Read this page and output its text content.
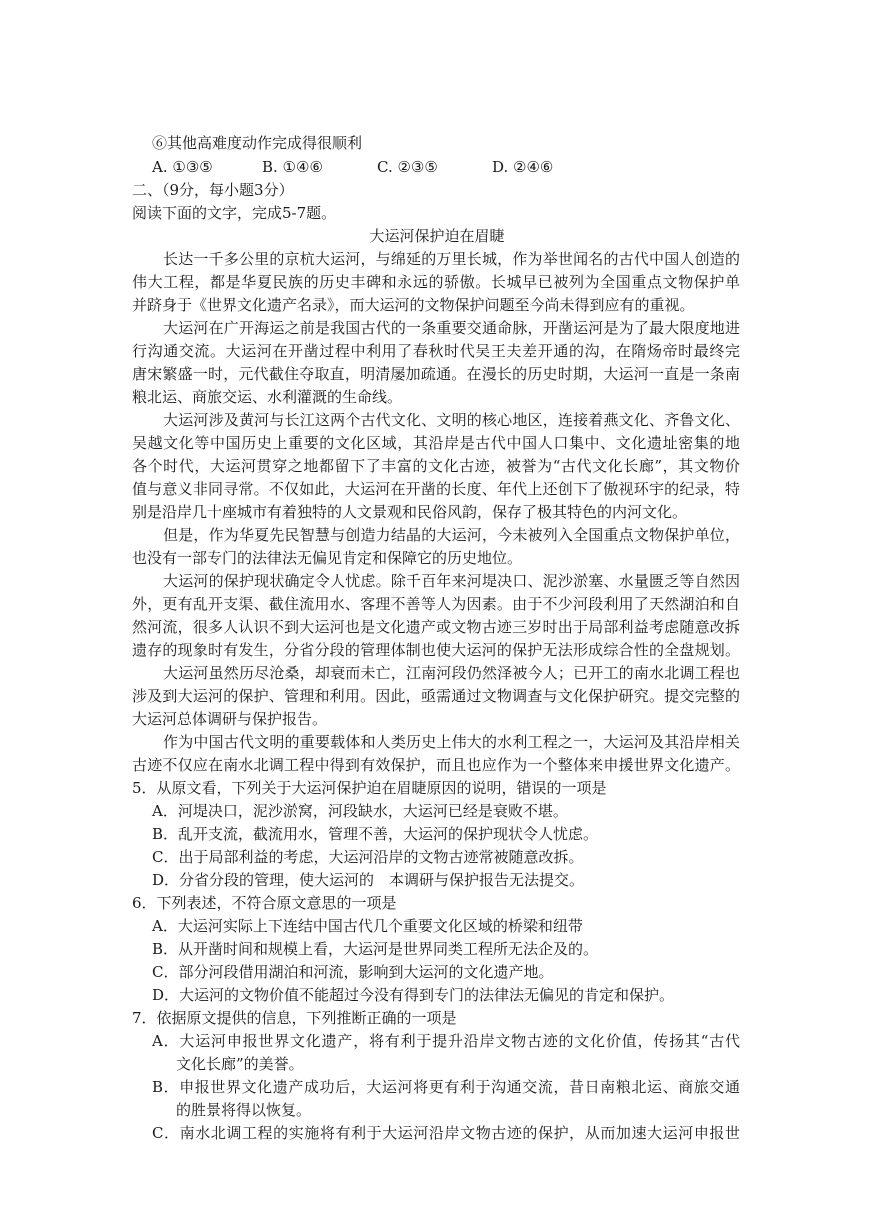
⑥其他高难度动作完成得很顺利
A. ①③⑤	B. ①④⑥	C. ②③⑤	D. ②④⑥
二、（9分，每小题3分）
阅读下面的文字，完成5-7题。
大运河保护迫在眉睫
长达一千多公里的京杭大运河，与绵延的万里长城，作为举世闻名的古代中国人创造的
伟大工程，都是华夏民族的历史丰碑和永远的骄傲。长城早已被列为全国重点文物保护单
并跻身于《世界文化遗产名录》，而大运河的文物保护问题至今尚未得到应有的重视。
大运河在广开海运之前是我国古代的一条重要交通命脉，开凿运河是为了最大限度地进
行沟通交流。大运河在开凿过程中利用了春秋时代吴王夫差开通的沟，在隋炀帝时最终完
唐宋繁盛一时，元代截住夺取直，明清屡加疏通。在漫长的历史时期，大运河一直是一条南
粮北运、商旅交运、水利灌溉的生命线。
大运河涉及黄河与长江这两个古代文化、文明的核心地区，连接着燕文化、齐鲁文化、
吴越文化等中国历史上重要的文化区域，其沿岸是古代中国人口集中、文化遗址密集的地
各个时代，大运河贯穿之地都留下了丰富的文化古迹，被誉为“古代文化长廊”，其文物价
值与意义非同寻常。不仅如此，大运河在开凿的长度、年代上还创下了傲视环宇的纪录，特
别是沿岸几十座城市有着独特的人文景观和民俗风韵，保存了极其特色的内河文化。
但是，作为华夏先民智慧与创造力结晶的大运河，今未被列入全国重点文物保护单位，
也没有一部专门的法律法无偏见肯定和保障它的历史地位。
大运河的保护现状确定令人忧虑。除千百年来河堤决口、泥沙淤塞、水量匮乏等自然因
外，更有乱开支渠、截住流用水、客理不善等人为因素。由于不少河段利用了天然湖泊和自
然河流，很多人认识不到大运河也是文化遗产或文物古迹三岁时出于局部利益考虑随意改拆
遗存的现象时有发生，分省分段的管理体制也使大运河的保护无法形成综合性的全盘规划。
大运河虽然历尽沧桑，却衰而未亡，江南河段仍然泽被今人；已开工的南水北调工程也
涉及到大运河的保护、管理和利用。因此，亟需通过文物调查与文化保护研究。提交完整的
大运河总体调研与保护报告。
作为中国古代文明的重要载体和人类历史上伟大的水利工程之一，大运河及其沿岸相关
古迹不仅应在南水北调工程中得到有效保护，而且也应作为一个整体来申援世界文化遗产。
5．从原文看，下列关于大运河保护迫在眉睫原因的说明，错误的一项是
A．河堤决口，泥沙淤窝，河段缺水，大运河已经是衰败不堪。
B．乱开支流，截流用水，管理不善，大运河的保护现状令人忧虑。
C．出于局部利益的考虑，大运河沿岸的文物古迹常被随意改拆。
D．分省分段的管理，使大运河的　本调研与保护报告无法提交。
6．下列表述，不符合原文意思的一项是
A．大运河实际上下连结中国古代几个重要文化区域的桥梁和纽带
B．从开凿时间和规模上看，大运河是世界同类工程所无法企及的。
C．部分河段借用湖泊和河流，影响到大运河的文化遗产地。
D．大运河的文物价值不能超过今没有得到专门的法律法无偏见的肯定和保护。
7．依据原文提供的信息，下列推断正确的一项是
A．大运河申报世界文化遗产，将有利于提升沿岸文物古迹的文化价值，传扬其“古代
文化长廊”的美誉。
B．申报世界文化遗产成功后，大运河将更有利于沟通交流，昔日南粮北运、商旅交通
的胜景将得以恢复。
C．南水北调工程的实施将有利于大运河沿岸文物古迹的保护，从而加速大运河申报世
